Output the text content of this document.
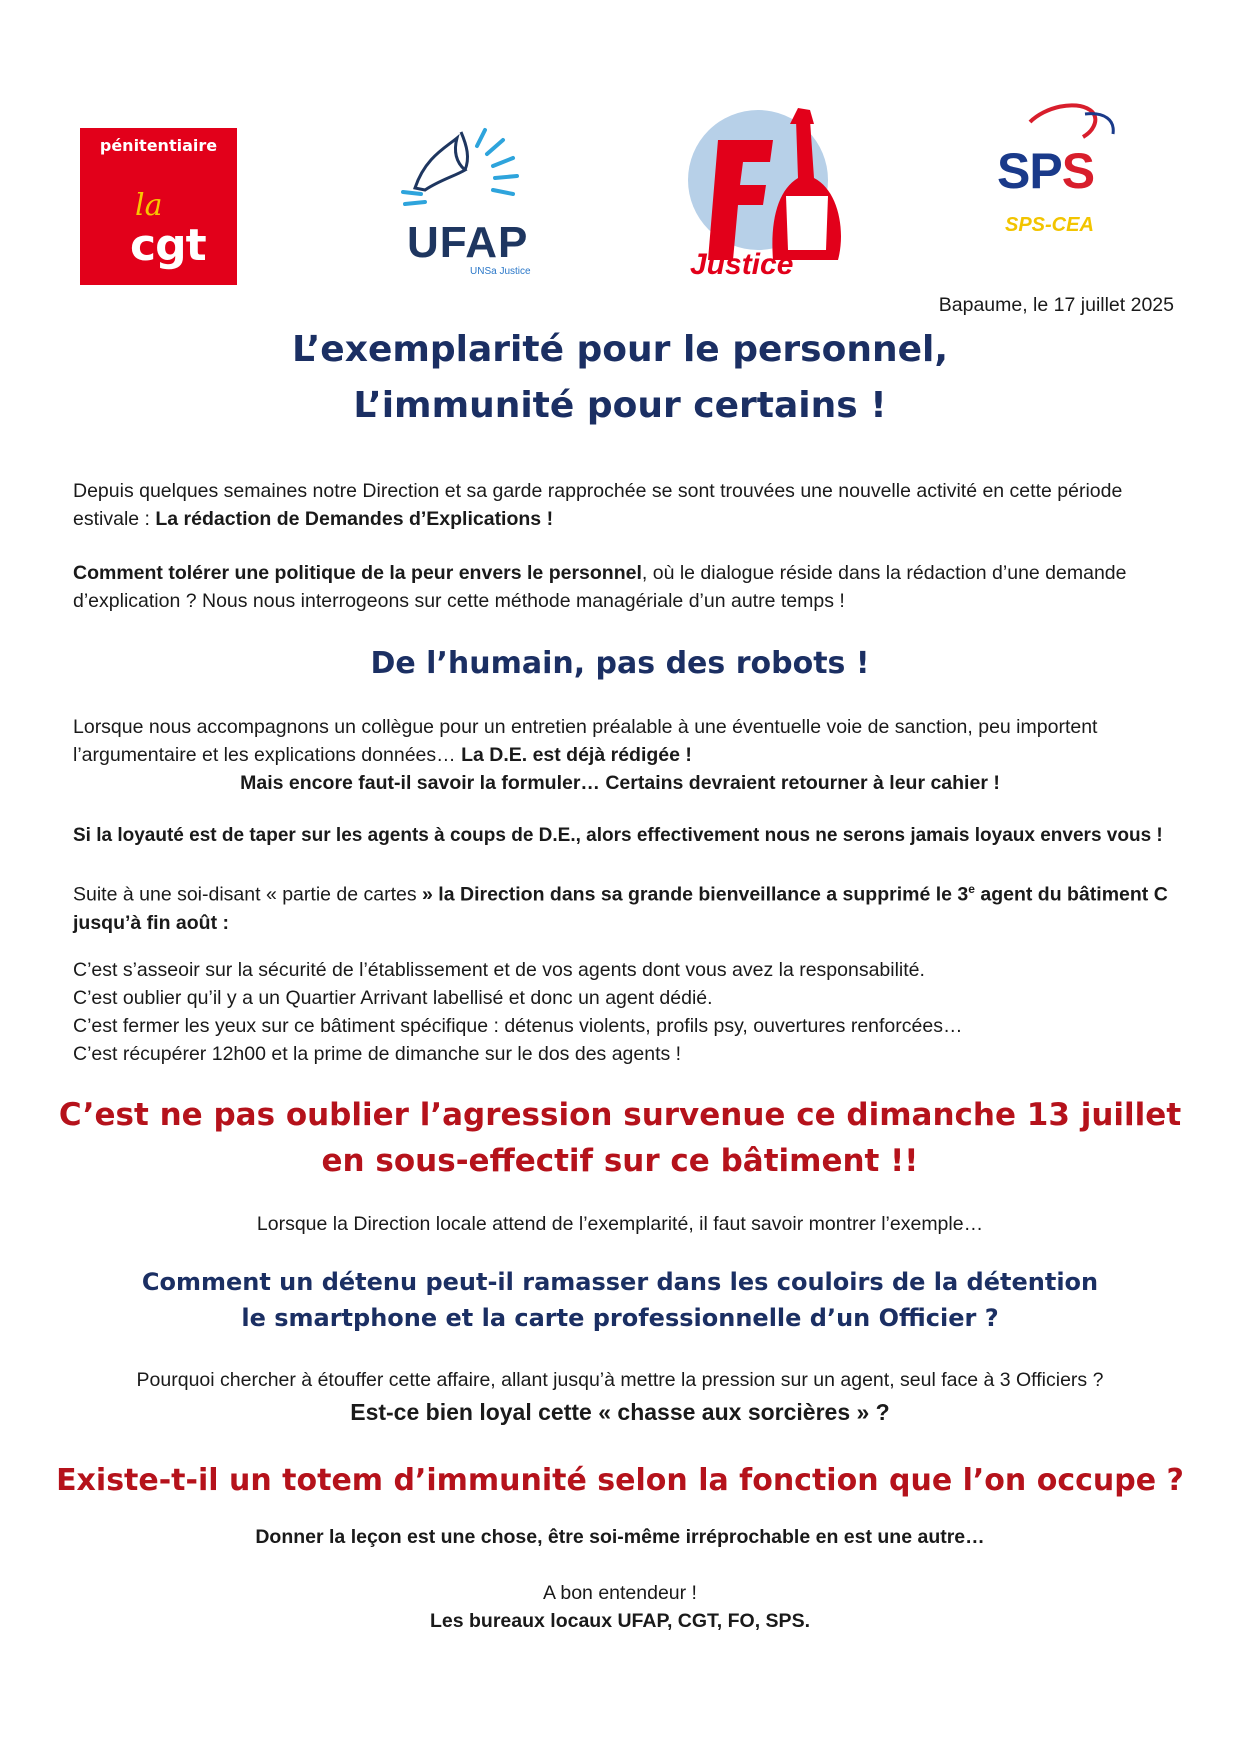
pénitentiaire
la
cgt	UFAP
UNSa Justice	Justice
SPS
SPS-CEA

Bapaume, le 17 juillet 2025

L’exemplarité pour le personnel,
L’immunité pour certains !

Depuis quelques semaines notre Direction et sa garde rapprochée se sont trouvées une nouvelle activité en cette période estivale : La rédaction de Demandes d’Explications !

Comment tolérer une politique de la peur envers le personnel, où le dialogue réside dans la rédaction d’une demande d’explication ? Nous nous interrogeons sur cette méthode managériale d’un autre temps !

De l’humain, pas des robots !

Lorsque nous accompagnons un collègue pour un entretien préalable à une éventuelle voie de sanction, peu importent l’argumentaire et les explications données… La D.E. est déjà rédigée !

Mais encore faut-il savoir la formuler… Certains devraient retourner à leur cahier !

Si la loyauté est de taper sur les agents à coups de D.E., alors effectivement nous ne serons jamais loyaux envers vous !

Suite à une soi-disant « partie de cartes » la Direction dans sa grande bienveillance a supprimé le 3e agent du bâtiment C jusqu’à fin août :

C’est s’asseoir sur la sécurité de l’établissement et de vos agents dont vous avez la responsabilité.
C’est oublier qu’il y a un Quartier Arrivant labellisé et donc un agent dédié.
C’est fermer les yeux sur ce bâtiment spécifique : détenus violents, profils psy, ouvertures renforcées…
C’est récupérer 12h00 et la prime de dimanche sur le dos des agents !
C’est ne pas oublier l’agression survenue ce dimanche 13 juillet
en sous-effectif sur ce bâtiment !!

Lorsque la Direction locale attend de l’exemplarité, il faut savoir montrer l’exemple…

Comment un détenu peut-il ramasser dans les couloirs de la détention
le smartphone et la carte professionnelle d’un Officier ?

Pourquoi chercher à étouffer cette affaire, allant jusqu’à mettre la pression sur un agent, seul face à 3 Officiers ?

Est-ce bien loyal cette « chasse aux sorcières » ?

Existe-t-il un totem d’immunité selon la fonction que l’on occupe ?

Donner la leçon est une chose, être soi-même irréprochable en est une autre…

A bon entendeur !

Les bureaux locaux UFAP, CGT, FO, SPS.
